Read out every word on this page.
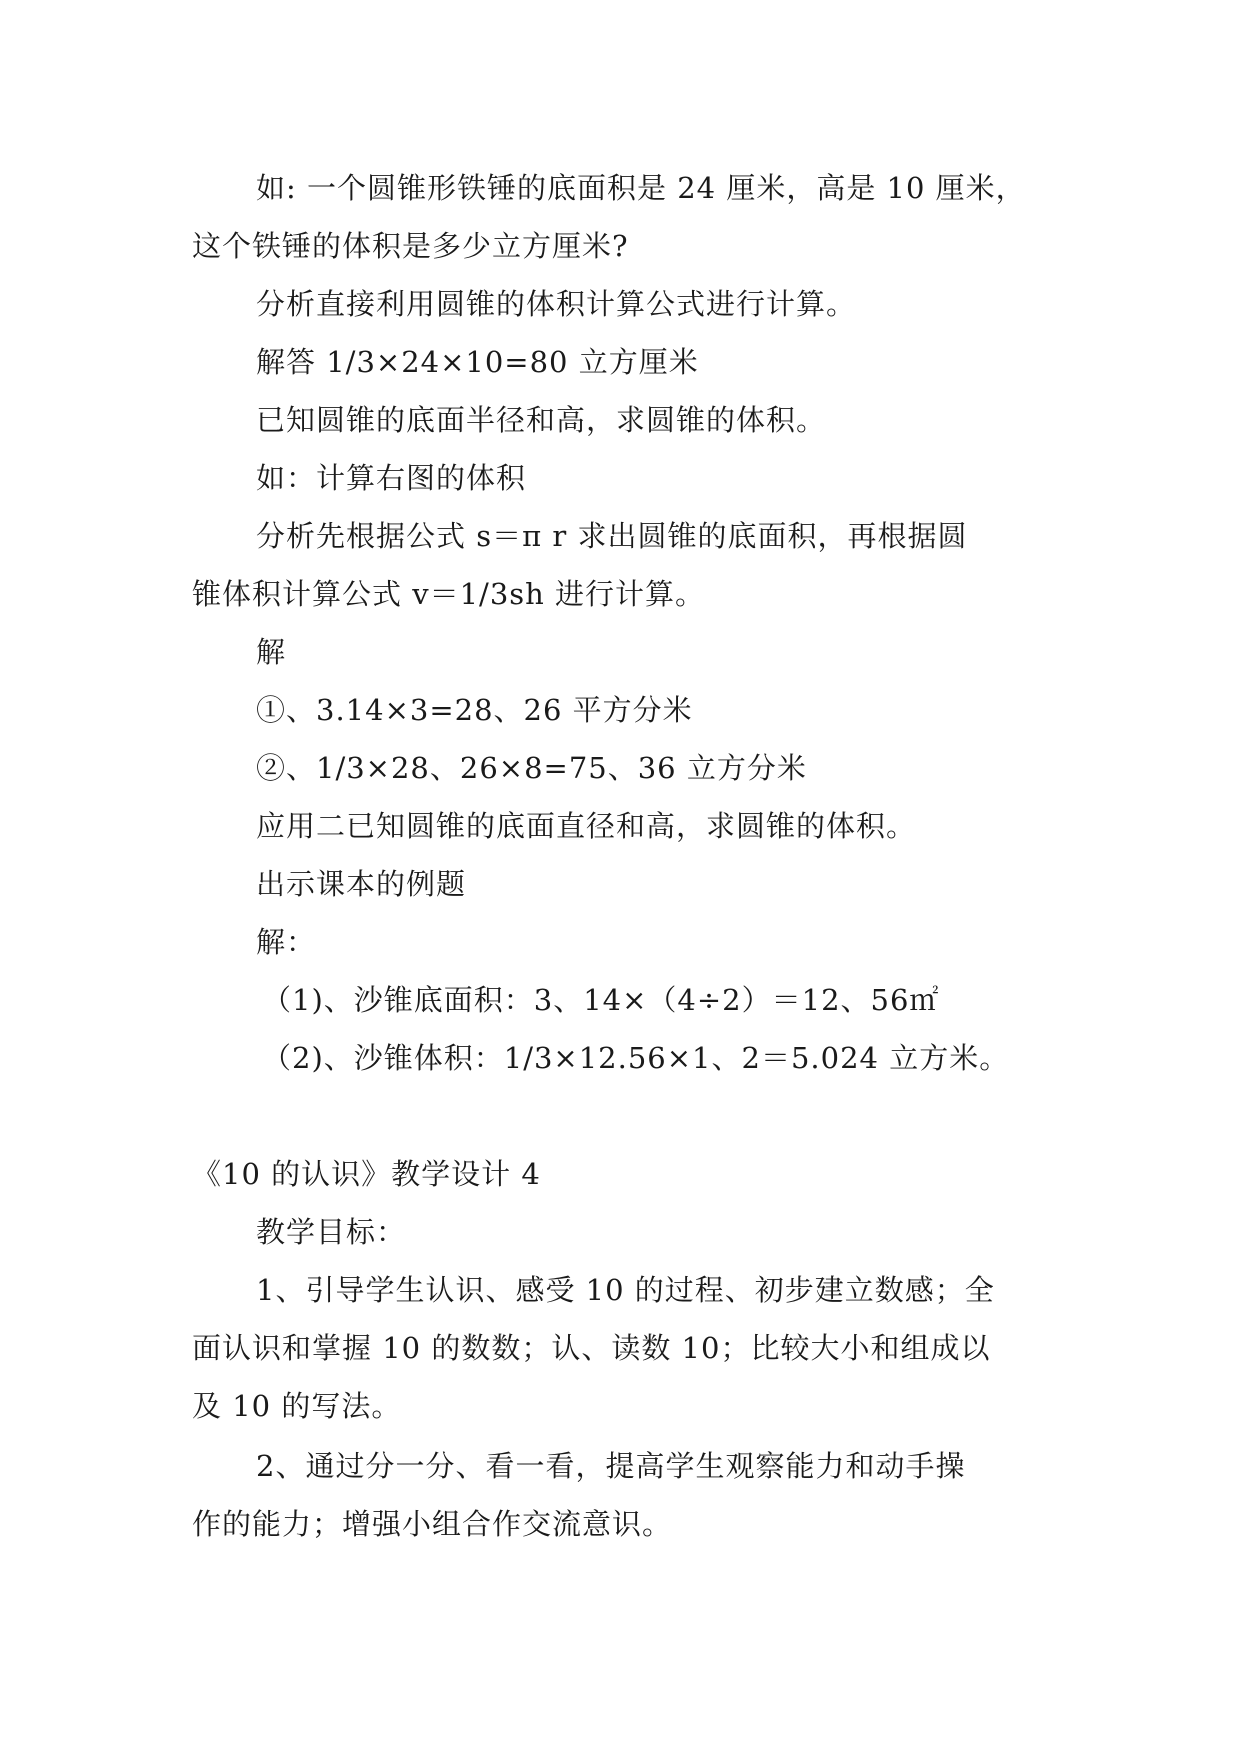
如: 一个圆锥形铁锤的底面积是 24 厘米，高是 10 厘米，
这个铁锤的体积是多少立方厘米?
分析直接利用圆锥的体积计算公式进行计算。
解答 1/3×24×10=80 立方厘米
已知圆锥的底面半径和高，求圆锥的体积。
如：计算右图的体积
分析先根据公式 s＝π r 求出圆锥的底面积，再根据圆
锥体积计算公式 v＝1/3sh 进行计算。
解
①、3.14×3=28、26 平方分米
②、1/3×28、26×8=75、36 立方分米
应用二已知圆锥的底面直径和高，求圆锥的体积。
出示课本的例题
解：
（1)、沙锥底面积：3、14×（4÷2）＝12、56㎡
（2)、沙锥体积：1/3×12.56×1、2＝5.024 立方米。
《10 的认识》教学设计 4
教学目标：
1、引导学生认识、感受 10 的过程、初步建立数感；全
面认识和掌握 10 的数数；认、读数 10；比较大小和组成以
及 10 的写法。
2、通过分一分、看一看，提高学生观察能力和动手操
作的能力；增强小组合作交流意识。
